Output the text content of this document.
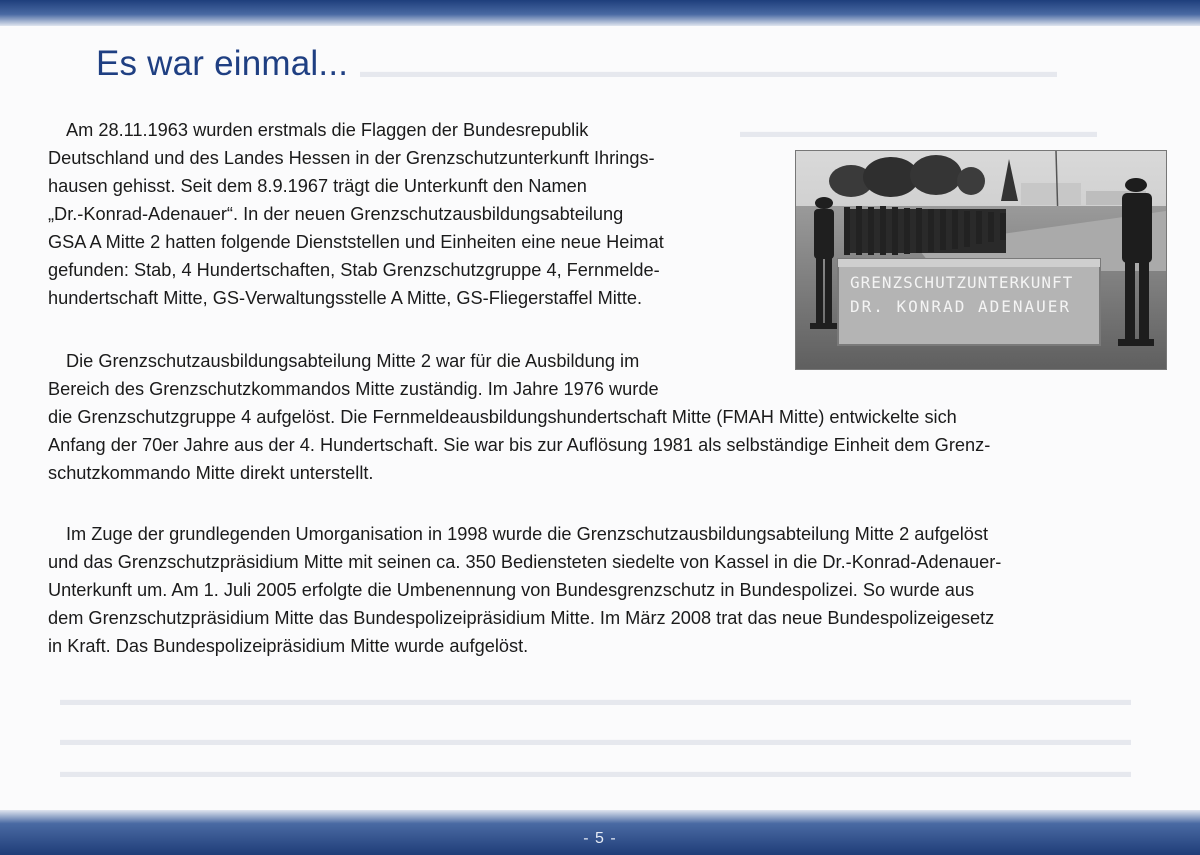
▬▬▬▬▬▬▬▬▬▬▬▬▬▬▬▬▬▬▬▬▬▬▬▬▬▬▬▬▬▬▬▬▬▬▬▬▬▬▬▬▬
▬▬▬▬▬▬▬▬▬▬▬▬▬▬▬▬▬▬▬▬▬
▬▬▬▬▬▬▬▬▬▬▬▬▬▬▬▬▬▬▬▬▬▬▬▬▬▬▬▬▬▬▬▬▬▬▬▬▬▬▬▬▬▬▬▬▬▬▬▬▬▬▬▬▬▬▬▬▬▬▬▬▬▬▬
▬▬▬▬▬▬▬▬▬▬▬▬▬▬▬▬▬▬▬▬▬▬▬▬▬▬▬▬▬▬▬▬▬▬▬▬▬▬▬▬▬▬▬▬▬▬▬▬▬▬▬▬▬▬▬▬▬▬▬▬▬▬▬
▬▬▬▬▬▬▬▬▬▬▬▬▬▬▬▬▬▬▬▬▬▬▬▬▬▬▬▬▬▬▬▬▬▬▬▬▬▬▬▬▬▬▬▬▬▬▬▬▬▬▬▬▬▬▬▬▬▬▬▬▬▬▬
Es war einmal...

Am 28.11.1963 wurden erstmals die Flaggen der Bundesrepublik
Deutschland und des Landes Hessen in der Grenzschutzunterkunft Ihrings-
hausen gehisst. Seit dem 8.9.1967 trägt die Unterkunft den Namen
„Dr.-Konrad-Adenauer“. In der neuen Grenzschutzausbildungsabteilung
GSA A Mitte 2 hatten folgende Dienststellen und Einheiten eine neue Heimat
gefunden: Stab, 4 Hundertschaften, Stab Grenzschutzgruppe 4, Fernmelde-
hundertschaft Mitte, GS-Verwaltungsstelle A Mitte, GS-Fliegerstaffel Mitte.

Die Grenzschutzausbildungsabteilung Mitte 2 war für die Ausbildung im
Bereich des Grenzschutzkommandos Mitte zuständig. Im Jahre 1976 wurde
die Grenzschutzgruppe 4 aufgelöst. Die Fernmeldeausbildungshundertschaft Mitte (FMAH Mitte) entwickelte sich
Anfang der 70er Jahre aus der 4. Hundertschaft. Sie war bis zur Auflösung 1981 als selbständige Einheit dem Grenz-
schutzkommando Mitte direkt unterstellt.

Im Zuge der grundlegenden Umorganisation in 1998 wurde die Grenzschutzausbildungsabteilung Mitte 2 aufgelöst
und das Grenzschutzpräsidium Mitte mit seinen ca. 350 Bediensteten siedelte von Kassel in die Dr.-Konrad-Adenauer-
Unterkunft um. Am 1. Juli 2005 erfolgte die Umbenennung von Bundesgrenzschutz in Bundespolizei. So wurde aus
dem Grenzschutzpräsidium Mitte das Bundespolizeipräsidium Mitte. Im März 2008 trat das neue Bundespolizeigesetz
in Kraft. Das Bundespolizeipräsidium Mitte wurde aufgelöst.

GRENZSCHUTZUNTERKUNFT
DR. KONRAD ADENAUER
- 5 -
